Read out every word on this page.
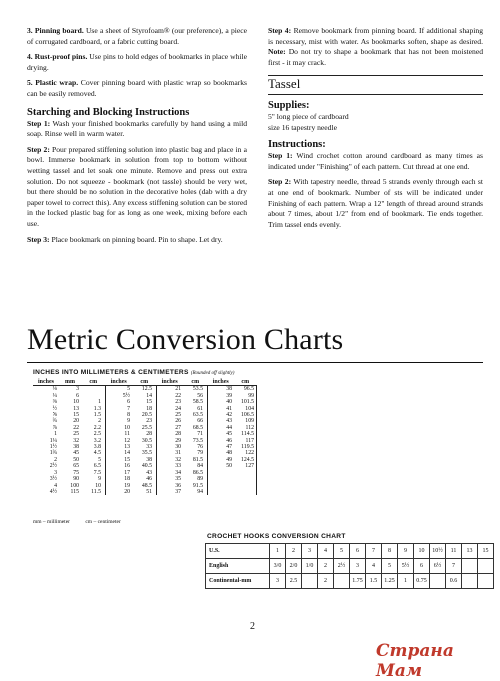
3. Pinning board. Use a sheet of Styrofoam® (our preference), a piece of corrugated cardboard, or a fabric cutting board.

4. Rust-proof pins. Use pins to hold edges of bookmarks in place while drying.

5. Plastic wrap. Cover pinning board with plastic wrap so bookmarks can be easily removed.

Starching and Blocking Instructions

Step 1: Wash your finished bookmarks carefully by hand using a mild soap. Rinse well in warm water.

Step 2: Pour prepared stiffening solution into plastic bag and place in a bowl. Immerse bookmark in solution from top to bottom without wetting tassel and let soak one minute. Remove and press out extra solution. Do not squeeze - bookmark (not tassle) should be very wet, but there should be no solution in the decorative holes (dab with a dry paper towel to correct this). Any excess stiffening solution can be stored in the locked plastic bag for as long as one week, mixing before each use.

Step 3: Place bookmark on pinning board. Pin to shape. Let dry.

Step 4: Remove bookmark from pinning board. If additional shaping is necessary, mist with water. As bookmarks soften, shape as desired. Note: Do not try to shape a bookmark that has not been moistened first - it may crack.

Tassel
Supplies:
5" long piece of cardboard
size 16 tapestry needle
Instructions:

Step 1: Wind crochet cotton around cardboard as many times as indicated under "Finishing" of each pattern. Cut thread at one end.

Step 2: With tapestry needle, thread 5 strands evenly through each st at one end of bookmark. Number of sts will be indicated under Finishing of each pattern. Wrap a 12" length of thread around strands about 7 times, about 1/2" from end of bookmark. Tie ends together. Trim tassel ends evenly.

Metric Conversion Charts
INCHES INTO MILLIMETERS & CENTIMETERS (Rounded off slightly)
inches	mm	cm	inches	cm	inches	cm	inches	cm
⅛	3		5	12.5	21	53.5	38	96.5
¼	6		5½	14	22	56	39	99
⅜	10	1	6	15	23	58.5	40	101.5
½	13	1.3	7	18	24	61	41	104
⅝	15	1.5	8	20.5	25	63.5	42	106.5
¾	20	2	9	23	26	66	43	109
⅞	22	2.2	10	25.5	27	68.5	44	112
1	25	2.5	11	28	28	71	45	114.5
1¼	32	3.2	12	30.5	29	73.5	46	117
1½	38	3.8	13	33	30	76	47	119.5
1¾	45	4.5	14	35.5	31	79	48	122
2	50	5	15	38	32	81.5	49	124.5
2½	65	6.5	16	40.5	33	84	50	127
3	75	7.5	17	43	34	86.5		
3½	90	9	18	46	35	89		
4	100	10	19	48.5	36	91.5		
4½	115	11.5	20	51	37	94		
mm – millimeter	cm – centimeter
CROCHET HOOKS CONVERSION CHART
U.S.	1	2	3	4	5	6	7	8	9	10	10½	11	13	15
English	3/0	2/0	1/0	2	2½	3	4	5	5½	6	6½	7		
Continental-mm	3	2.5		2		1.75	1.5	1.25	1	0.75		0.6		
2
Страна Мам
